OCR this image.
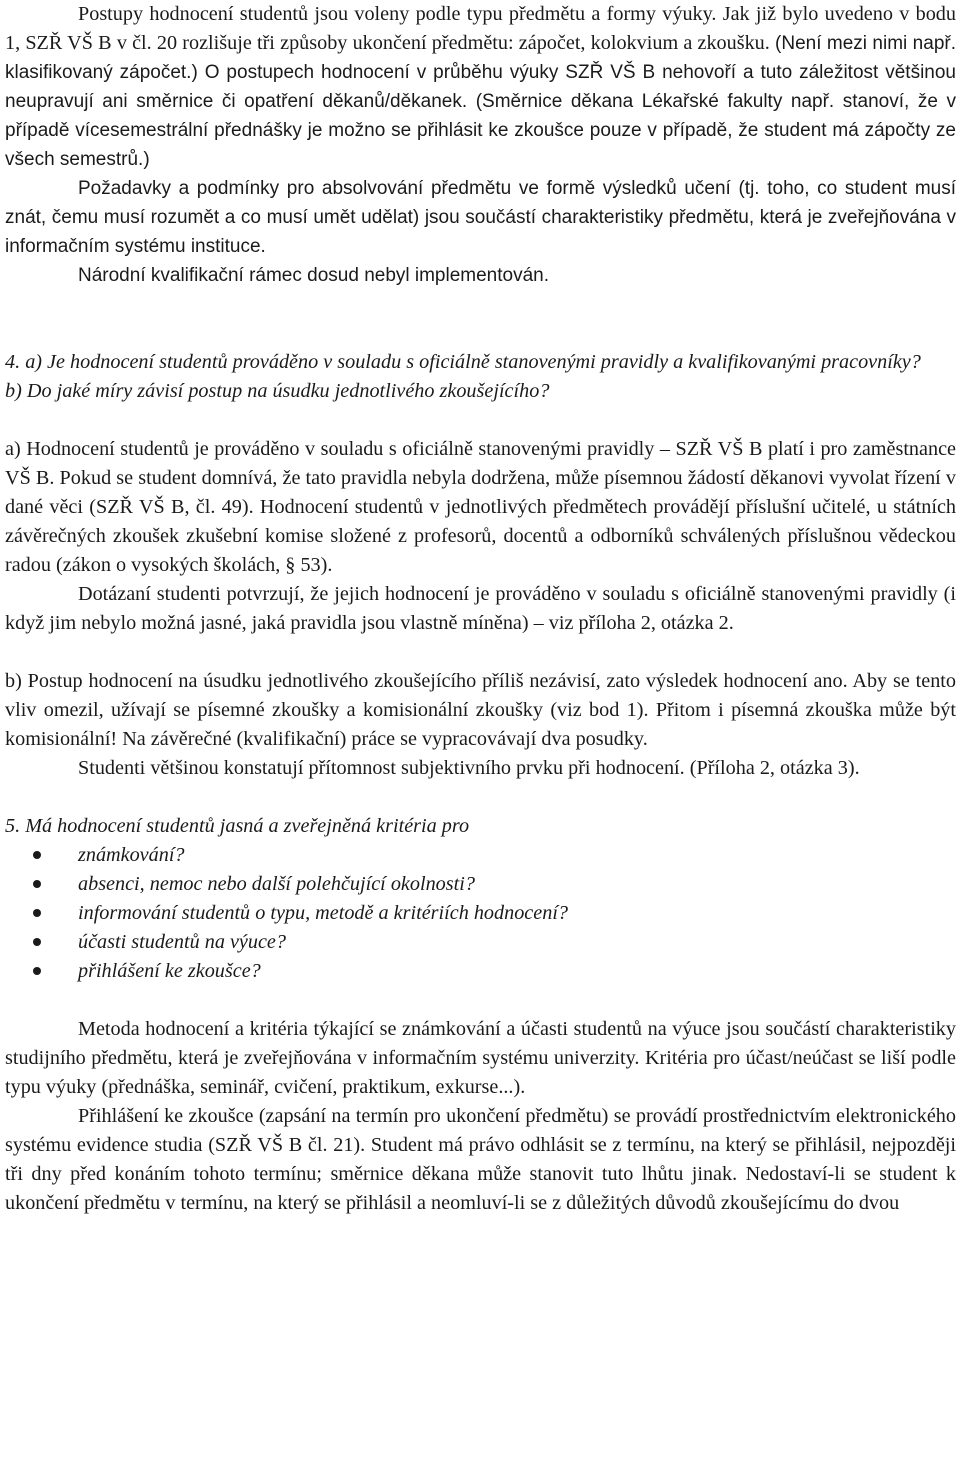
Postupy hodnocení studentů jsou voleny podle typu předmětu a formy výuky. Jak již bylo uvedeno v bodu 1, SZŘ VŠ B v čl. 20 rozlišuje tři způsoby ukončení předmětu: zápočet, kolokvium a zkoušku. (Není mezi nimi např. klasifikovaný zápočet.) O postupech hodnocení v průběhu výuky SZŘ VŠ B nehovoří a tuto záležitost většinou neupravují ani směrnice či opatření děkanů/děkanek. (Směrnice děkana Lékařské fakulty např. stanoví, že v případě vícesemestrální přednášky je možno se přihlásit ke zkoušce pouze v případě, že student má zápočty ze všech semestrů.)

Požadavky a podmínky pro absolvování předmětu ve formě výsledků učení (tj. toho, co student musí znát, čemu musí rozumět a co musí umět udělat) jsou součástí charakteristiky předmětu, která je zveřejňována v informačním systému instituce.

Národní kvalifikační rámec dosud nebyl implementován.

4. a) Je hodnocení studentů prováděno v souladu s oficiálně stanovenými pravidly a kvalifikovanými pracovníky?

b) Do jaké míry závisí postup na úsudku jednotlivého zkoušejícího?

a) Hodnocení studentů je prováděno v souladu s oficiálně stanovenými pravidly – SZŘ VŠ B platí i pro zaměstnance VŠ B. Pokud se student domnívá, že tato pravidla nebyla dodržena, může písemnou žádostí děkanovi vyvolat řízení v dané věci (SZŘ VŠ B, čl. 49). Hodnocení studentů v jednotlivých předmětech provádějí příslušní učitelé, u státních závěrečných zkoušek zkušební komise složené z profesorů, docentů a odborníků schválených příslušnou vědeckou radou (zákon o vysokých školách, § 53).

Dotázaní studenti potvrzují, že jejich hodnocení je prováděno v souladu s oficiálně stanovenými pravidly (i když jim nebylo možná jasné, jaká pravidla jsou vlastně míněna) – viz příloha 2, otázka 2.

b) Postup hodnocení na úsudku jednotlivého zkoušejícího příliš nezávisí, zato výsledek hodnocení ano. Aby se tento vliv omezil, užívají se písemné zkoušky a komisionální zkoušky (viz bod 1). Přitom i písemná zkouška může být komisionální! Na závěrečné (kvalifikační) práce se vypracovávají dva posudky.

Studenti většinou konstatují přítomnost subjektivního prvku při hodnocení. (Příloha 2, otázka 3).

5. Má hodnocení studentů jasná a zveřejněná kritéria pro

známkování?
absenci, nemoc nebo další polehčující okolnosti?
informování studentů o typu, metodě a kritériích hodnocení?
účasti studentů na výuce?
přihlášení ke zkoušce?

Metoda hodnocení a kritéria týkající se známkování a účasti studentů na výuce jsou součástí charakteristiky studijního předmětu, která je zveřejňována v informačním systému univerzity. Kritéria pro účast/neúčast se liší podle typu výuky (přednáška, seminář, cvičení, praktikum, exkurse...).

Přihlášení ke zkoušce (zapsání na termín pro ukončení předmětu) se provádí prostřednictvím elektronického systému evidence studia (SZŘ VŠ B čl. 21). Student má právo odhlásit se z termínu, na který se přihlásil, nejpozději tři dny před konáním tohoto termínu; směrnice děkana může stanovit tuto lhůtu jinak. Nedostaví-li se student k ukončení předmětu v termínu, na který se přihlásil a neomluví-li se z důležitých důvodů zkoušejícímu do dvou
